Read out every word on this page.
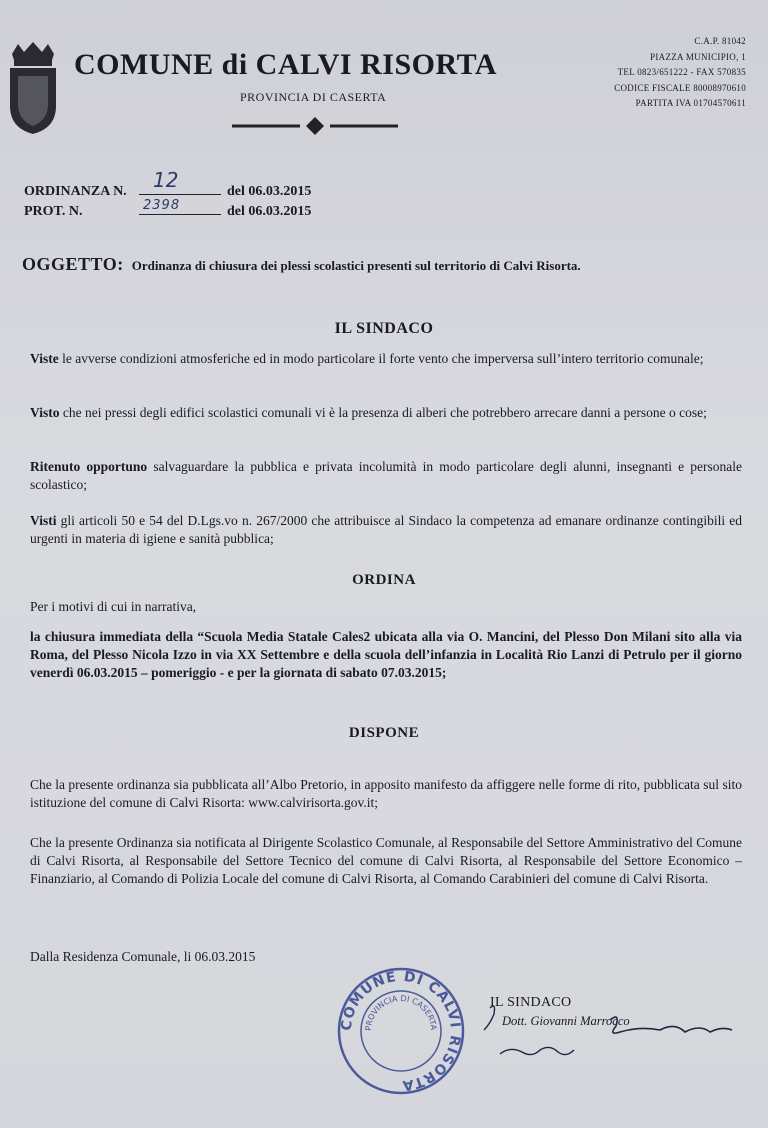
COMUNE di CALVI RISORTA
PROVINCIA DI CASERTA
C.A.P. 81042
PIAZZA MUNICIPIO, 1
TEL 0823/651222 - FAX 570835
CODICE FISCALE 80008970610
PARTITA IVA 01704570611
ORDINANZA N. 12	del 06.03.2015
PROT. N.	2398	del 06.03.2015
OGGETTO: Ordinanza di chiusura dei plessi scolastici presenti sul territorio di Calvi Risorta.
IL SINDACO
Viste le avverse condizioni atmosferiche ed in modo particolare il forte vento che imperversa sull’intero territorio comunale;
Visto che nei pressi degli edifici scolastici comunali vi è la presenza di alberi che potrebbero arrecare danni a persone o cose;
Ritenuto opportuno salvaguardare la pubblica e privata incolumità in modo particolare degli alunni, insegnanti e personale scolastico;
Visti gli articoli 50 e 54 del D.Lgs.vo n. 267/2000 che attribuisce al Sindaco la competenza ad emanare ordinanze contingibili ed urgenti in materia di igiene e sanità pubblica;
ORDINA
Per i motivi di cui in narrativa,
la chiusura immediata della “Scuola Media Statale Cales2 ubicata alla via O. Mancini, del Plesso Don Milani sito alla via Roma, del Plesso Nicola Izzo in via XX Settembre e della scuola dell’infanzia in Località Rio Lanzi di Petrulo per il giorno venerdì 06.03.2015 – pomeriggio - e per la giornata di sabato 07.03.2015;
DISPONE
Che la presente ordinanza sia pubblicata all’Albo Pretorio, in apposito manifesto da affiggere nelle forme di rito, pubblicata sul sito istituzione del comune di Calvi Risorta: www.calvirisorta.gov.it;
Che la presente Ordinanza sia notificata al Dirigente Scolastico Comunale, al Responsabile del Settore Amministrativo del Comune di Calvi Risorta, al Responsabile del Settore Tecnico del comune di Calvi Risorta, al Responsabile del Settore Economico – Finanziario, al Comando di Polizia Locale del comune di Calvi Risorta, al Comando Carabinieri del comune di Calvi Risorta.
Dalla Residenza Comunale, li 06.03.2015
COMUNE DI CALVI RISORTA
PROVINCIA DI CASERTA
IL SINDACO
Dott. Giovanni Marrocco
